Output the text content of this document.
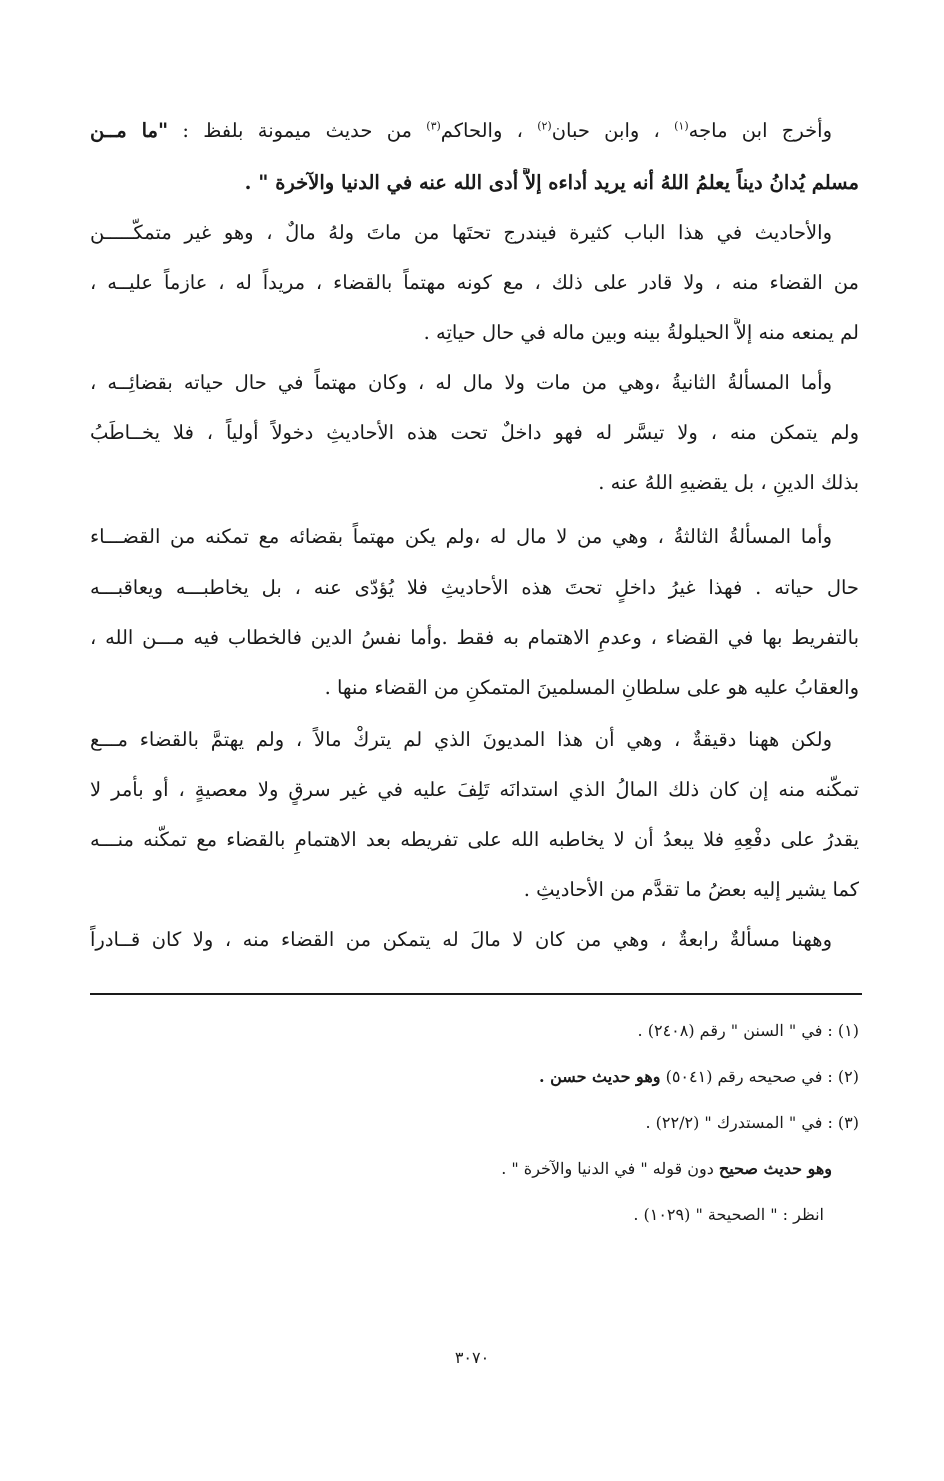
وأخرج ابن ماجه$^{(١)}$ ، وابن حبان$^{(٢)}$ ، والحاكم$^{(٣)}$ من حديث ميمونة بلفظ : "ما مــن
مسلم يُدانُ ديناً يعلمُ اللهُ أنه يريد أداءه إلاَّ أدى الله عنه في الدنيا والآخرة " .
والأحاديث في هذا الباب كثيرة فيندرج تحتَها من ماتَ ولهُ مالٌ ، وهو غير متمكّـــــن
من القضاء منه ، ولا قادر على ذلك ، مع كونه مهتماً بالقضاء ، مريداً له ، عازماً عليــه ،
لم يمنعه منه إلاَّ الحيلولةُ بينه وبين ماله في حال حياتِه .
وأما المسألةُ الثانيةُ ،وهي من مات ولا مال له ، وكان مهتماً في حال حياته بقضائِــه ،
ولم يتمكن منه ، ولا تيسَّر له فهو داخلٌ تحت هذه الأحاديثِ دخولاً أولياً ، فلا يخــاطَبُ
بذلك الدينِ ، بل يقضيهِ اللهُ عنه .
وأما المسألةُ الثالثةُ ، وهي من لا مال له ،ولم يكن مهتماً بقضائه مع تمكنه من القضـــاء
حال حياته . فهذا غيرُ داخلٍ تحتَ هذه الأحاديثِ فلا يُؤدّى عنه ، بل يخاطبـــه ويعاقبـــه
بالتفريط بها في القضاء ، وعدمِ الاهتمام به فقط .وأما نفسُ الدين فالخطاب فيه مـــن الله ،
والعقابُ عليه هو على سلطانِ المسلمينَ المتمكنِ من القضاء منها .
ولكن ههنا دقيقةٌ ، وهي أن هذا المديونَ الذي لم يتركْ مالاً ، ولم يهتمَّ بالقضاء مـــع
تمكّنه منه إن كان ذلك المالُ الذي استدانَه تَلِفَ عليه في غير سرقٍ ولا معصيةٍ ، أو بأمر لا
يقدرُ على دفْعِهِ فلا يبعدُ أن لا يخاطبه الله على تفريطه بعد الاهتمامِ بالقضاء مع تمكّنه منـــه
كما يشير إليه بعضُ ما تقدَّم من الأحاديثِ .
وههنا مسألةٌ رابعةٌ ، وهي من كان لا مالَ له يتمكن من القضاء منه ، ولا كان قــادراً
(١) : في " السنن " رقم (٢٤٠٨) .
(٢) : في صحيحه رقم (٥٠٤١) وهو حديث حسن .
(٣) : في " المستدرك " (٢٢/٢) .
وهو حديث صحيح دون قوله " في الدنيا والآخرة " .
انظر : " الصحيحة " (١٠٢٩) .
٣٠٧٠
